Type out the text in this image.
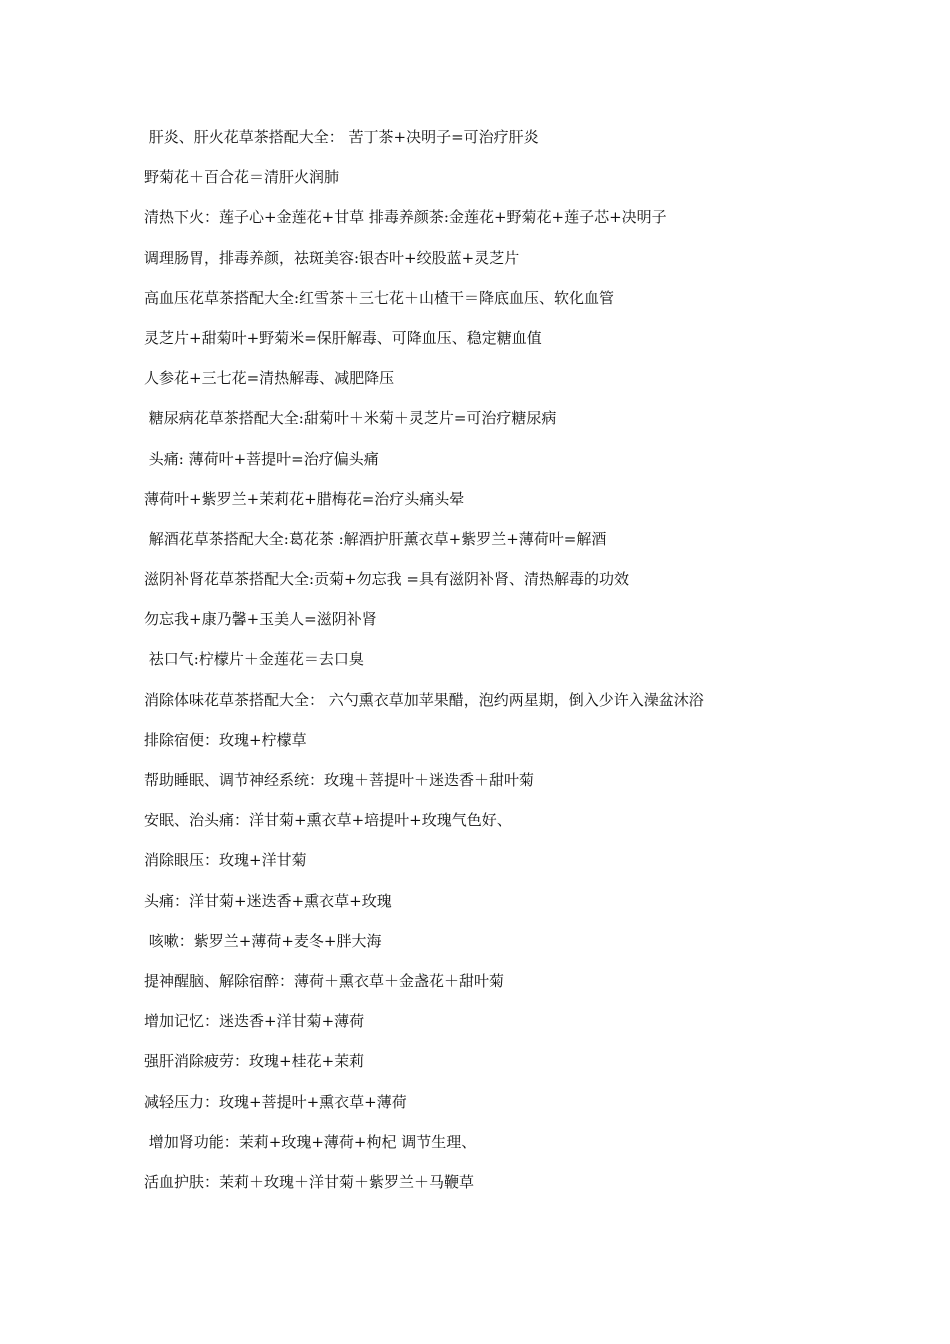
肝炎、肝火花草茶搭配大全： 苦丁茶+决明子=可治疗肝炎
野菊花＋百合花＝清肝火润肺
清热下火：莲子心+金莲花+甘草 排毒养颜茶:金莲花+野菊花+莲子芯+决明子
调理肠胃，排毒养颜，祛斑美容:银杏叶+绞股蓝+灵芝片
高血压花草茶搭配大全:红雪茶＋三七花＋山楂干＝降底血压、软化血管
灵芝片+甜菊叶+野菊米=保肝解毒、可降血压、稳定糖血值
人参花+三七花=清热解毒、减肥降压
糖尿病花草茶搭配大全:甜菊叶＋米菊＋灵芝片=可治疗糖尿病
头痛: 薄荷叶+菩提叶=治疗偏头痛
薄荷叶+紫罗兰+茉莉花+腊梅花=治疗头痛头晕
解酒花草茶搭配大全:葛花茶 :解酒护肝薰衣草+紫罗兰+薄荷叶=解酒
滋阴补肾花草茶搭配大全:贡菊+勿忘我 =具有滋阴补肾、清热解毒的功效
勿忘我+康乃馨+玉美人=滋阴补肾
祛口气:柠檬片＋金莲花＝去口臭
消除体味花草茶搭配大全： 六勺熏衣草加苹果醋，泡约两星期，倒入少许入澡盆沐浴
排除宿便：玫瑰+柠檬草
帮助睡眠、调节神经系统：玫瑰＋菩提叶＋迷迭香＋甜叶菊
安眠、治头痛：洋甘菊+熏衣草+培提叶+玫瑰气色好、
消除眼压：玫瑰+洋甘菊
头痛：洋甘菊+迷迭香+熏衣草+玫瑰
咳嗽：紫罗兰+薄荷+麦冬+胖大海
提神醒脑、解除宿醉：薄荷＋熏衣草＋金盏花＋甜叶菊
增加记忆：迷迭香+洋甘菊+薄荷
强肝消除疲劳：玫瑰+桂花+茉莉
减轻压力：玫瑰+菩提叶+熏衣草+薄荷
增加肾功能：茉莉+玫瑰+薄荷+枸杞 调节生理、
活血护肤：茉莉＋玫瑰＋洋甘菊＋紫罗兰＋马鞭草
